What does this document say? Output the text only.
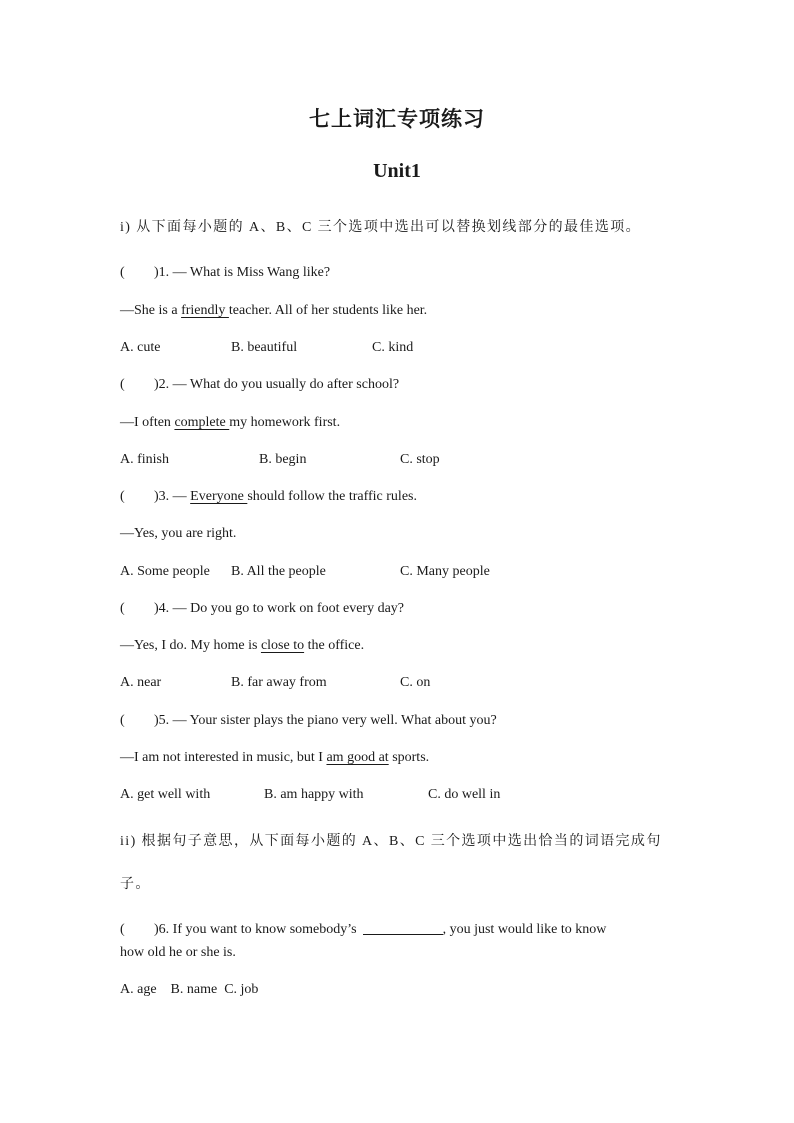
七上词汇专项练习
Unit1
i) 从下面每小题的 A、B、C 三个选项中选出可以替换划线部分的最佳选项。
( )1. — What is Miss Wang like?
—She is a friendly teacher. All of her students like her.
A. cute	B. beautiful	C. kind
( )2. — What do you usually do after school?
—I often complete my homework first.
A. finish	B. begin	C. stop
( )3. — Everyone should follow the traffic rules.
—Yes, you are right.
A. Some people B. All the people	C. Many people
( )4. — Do you go to work on foot every day?
—Yes, I do. My home is close to the office.
A. near	B. far away from	C. on
( )5. — Your sister plays the piano very well. What about you?
—I am not interested in music, but I am good at sports.
A. get well with	B. am happy with	C. do well in
ii) 根据句子意思，从下面每小题的 A、B、C 三个选项中选出恰当的词语完成句
子。
( )6. If you want to know somebody’s	, you just would like to know
how old he or she is.
A. age    B. name  C. job
